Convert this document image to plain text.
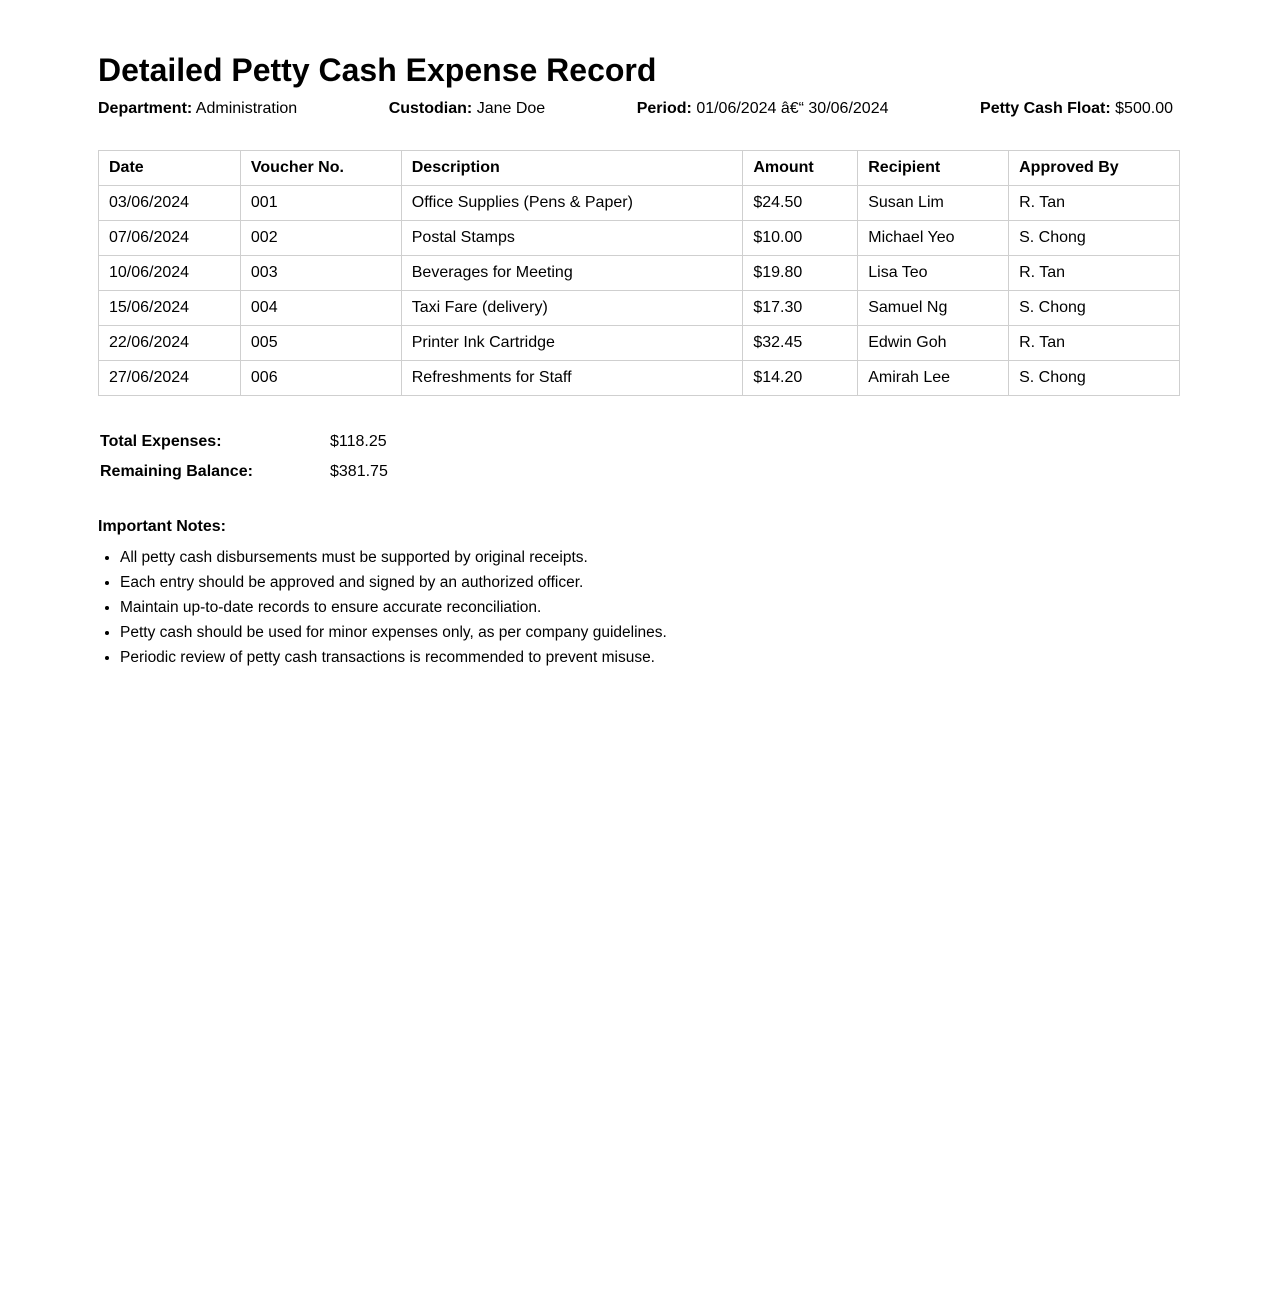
Detailed Petty Cash Expense Record
Department: Administration	Custodian: Jane Doe	Period: 01/06/2024 â€“ 30/06/2024	Petty Cash Float: $500.00
Date	Voucher No.	Description	Amount	Recipient	Approved By
03/06/2024	001	Office Supplies (Pens & Paper)	$24.50	Susan Lim	R. Tan
07/06/2024	002	Postal Stamps	$10.00	Michael Yeo	S. Chong
10/06/2024	003	Beverages for Meeting	$19.80	Lisa Teo	R. Tan
15/06/2024	004	Taxi Fare (delivery)	$17.30	Samuel Ng	S. Chong
22/06/2024	005	Printer Ink Cartridge	$32.45	Edwin Goh	R. Tan
27/06/2024	006	Refreshments for Staff	$14.20	Amirah Lee	S. Chong
Total Expenses:	$118.25
Remaining Balance:	$381.75
Important Notes:
• All petty cash disbursements must be supported by original receipts.
• Each entry should be approved and signed by an authorized officer.
• Maintain up-to-date records to ensure accurate reconciliation.
• Petty cash should be used for minor expenses only, as per company guidelines.
• Periodic review of petty cash transactions is recommended to prevent misuse.
